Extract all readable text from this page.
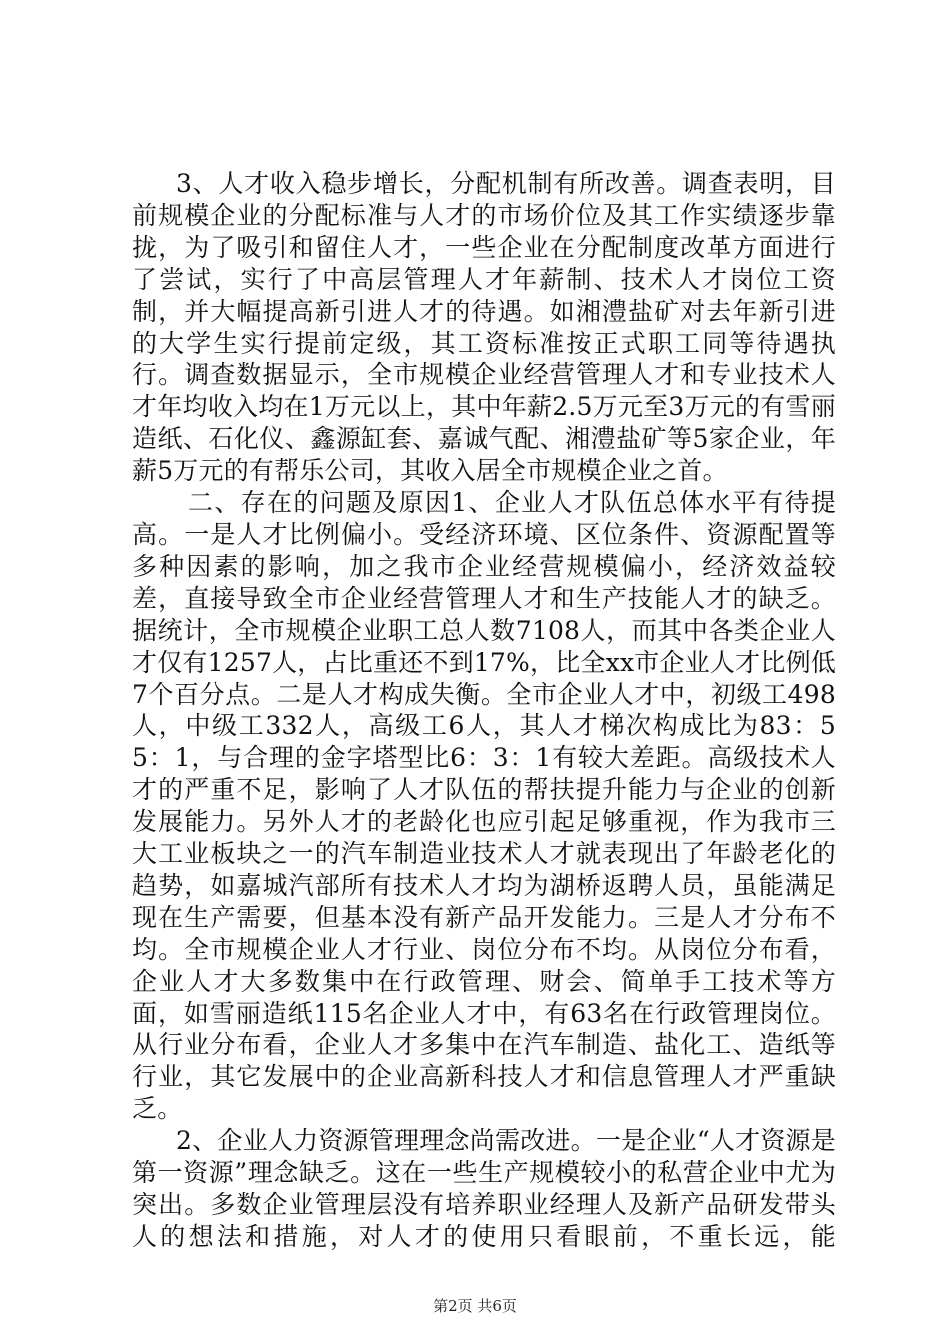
3、人才收入稳步增长，分配机制有所改善。调查表明，目前规模企业的分配标准与人才的市场价位及其工作实绩逐步靠拢，为了吸引和留住人才，一些企业在分配制度改革方面进行了尝试，实行了中高层管理人才年薪制、技术人才岗位工资制，并大幅提高新引进人才的待遇。如湘澧盐矿对去年新引进的大学生实行提前定级，其工资标准按正式职工同等待遇执行。调查数据显示，全市规模企业经营管理人才和专业技术人才年均收入均在1万元以上，其中年薪2.5万元至3万元的有雪丽造纸、石化仪、鑫源缸套、嘉诚气配、湘澧盐矿等5家企业，年薪5万元的有帮乐公司，其收入居全市规模企业之首。

二、存在的问题及原因1、企业人才队伍总体水平有待提高。一是人才比例偏小。受经济环境、区位条件、资源配置等多种因素的影响，加之我市企业经营规模偏小，经济效益较差，直接导致全市企业经营管理人才和生产技能人才的缺乏。据统计，全市规模企业职工总人数7108人，而其中各类企业人才仅有1257人，占比重还不到17%，比全xx市企业人才比例低7个百分点。二是人才构成失衡。全市企业人才中，初级工498人，中级工332人，高级工6人，其人才梯次构成比为83：55：1，与合理的金字塔型比6：3：1有较大差距。高级技术人才的严重不足，影响了人才队伍的帮扶提升能力与企业的创新发展能力。另外人才的老龄化也应引起足够重视，作为我市三大工业板块之一的汽车制造业技术人才就表现出了年龄老化的趋势，如嘉城汽部所有技术人才均为湖桥返聘人员，虽能满足现在生产需要，但基本没有新产品开发能力。三是人才分布不均。全市规模企业人才行业、岗位分布不均。从岗位分布看，企业人才大多数集中在行政管理、财会、简单手工技术等方面，如雪丽造纸115名企业人才中，有63名在行政管理岗位。从行业分布看，企业人才多集中在汽车制造、盐化工、造纸等行业，其它发展中的企业高新科技人才和信息管理人才严重缺乏。

2、企业人力资源管理理念尚需改进。一是企业“人才资源是第一资源”理念缺乏。这在一些生产规模较小的私营企业中尤为突出。多数企业管理层没有培养职业经理人及新产品研发带头人的想法和措施，对人才的使用只看眼前，不重长远，能

第2页 共6页
